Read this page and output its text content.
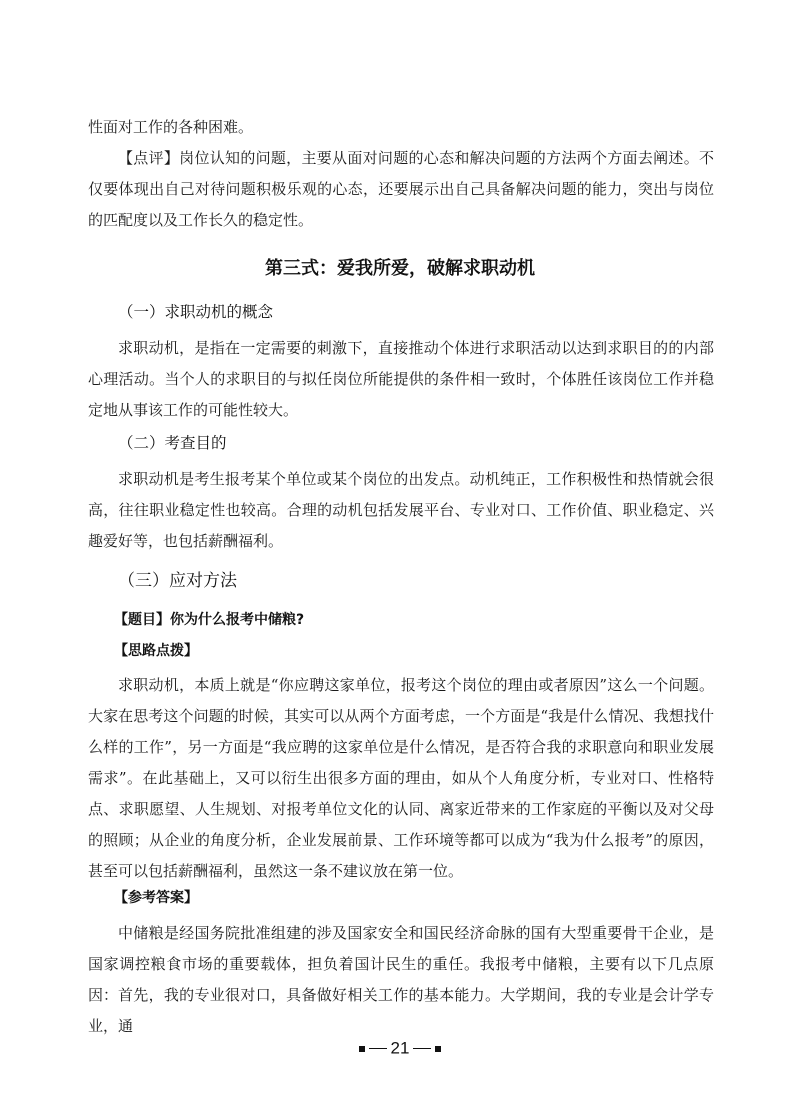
性面对工作的各种困难。

【点评】岗位认知的问题，主要从面对问题的心态和解决问题的方法两个方面去阐述。不仅要体现出自己对待问题积极乐观的心态，还要展示出自己具备解决问题的能力，突出与岗位的匹配度以及工作长久的稳定性。

第三式：爱我所爱，破解求职动机

（一）求职动机的概念

求职动机，是指在一定需要的刺激下，直接推动个体进行求职活动以达到求职目的的内部心理活动。当个人的求职目的与拟任岗位所能提供的条件相一致时，个体胜任该岗位工作并稳定地从事该工作的可能性较大。

（二）考查目的

求职动机是考生报考某个单位或某个岗位的出发点。动机纯正，工作积极性和热情就会很高，往往职业稳定性也较高。合理的动机包括发展平台、专业对口、工作价值、职业稳定、兴趣爱好等，也包括薪酬福利。

（三）应对方法

【题目】你为什么报考中储粮?

【思路点拨】

求职动机，本质上就是“你应聘这家单位，报考这个岗位的理由或者原因”这么一个问题。大家在思考这个问题的时候，其实可以从两个方面考虑，一个方面是“我是什么情况、我想找什么样的工作”，另一方面是“我应聘的这家单位是什么情况，是否符合我的求职意向和职业发展需求”。在此基础上，又可以衍生出很多方面的理由，如从个人角度分析，专业对口、性格特点、求职愿望、人生规划、对报考单位文化的认同、离家近带来的工作家庭的平衡以及对父母的照顾；从企业的角度分析，企业发展前景、工作环境等都可以成为“我为什么报考”的原因，甚至可以包括薪酬福利，虽然这一条不建议放在第一位。

【参考答案】

中储粮是经国务院批准组建的涉及国家安全和国民经济命脉的国有大型重要骨干企业，是国家调控粮食市场的重要载体，担负着国计民生的重任。我报考中储粮，主要有以下几点原因： 首先，我的专业很对口，具备做好相关工作的基本能力。大学期间，我的专业是会计学专业，通

21
